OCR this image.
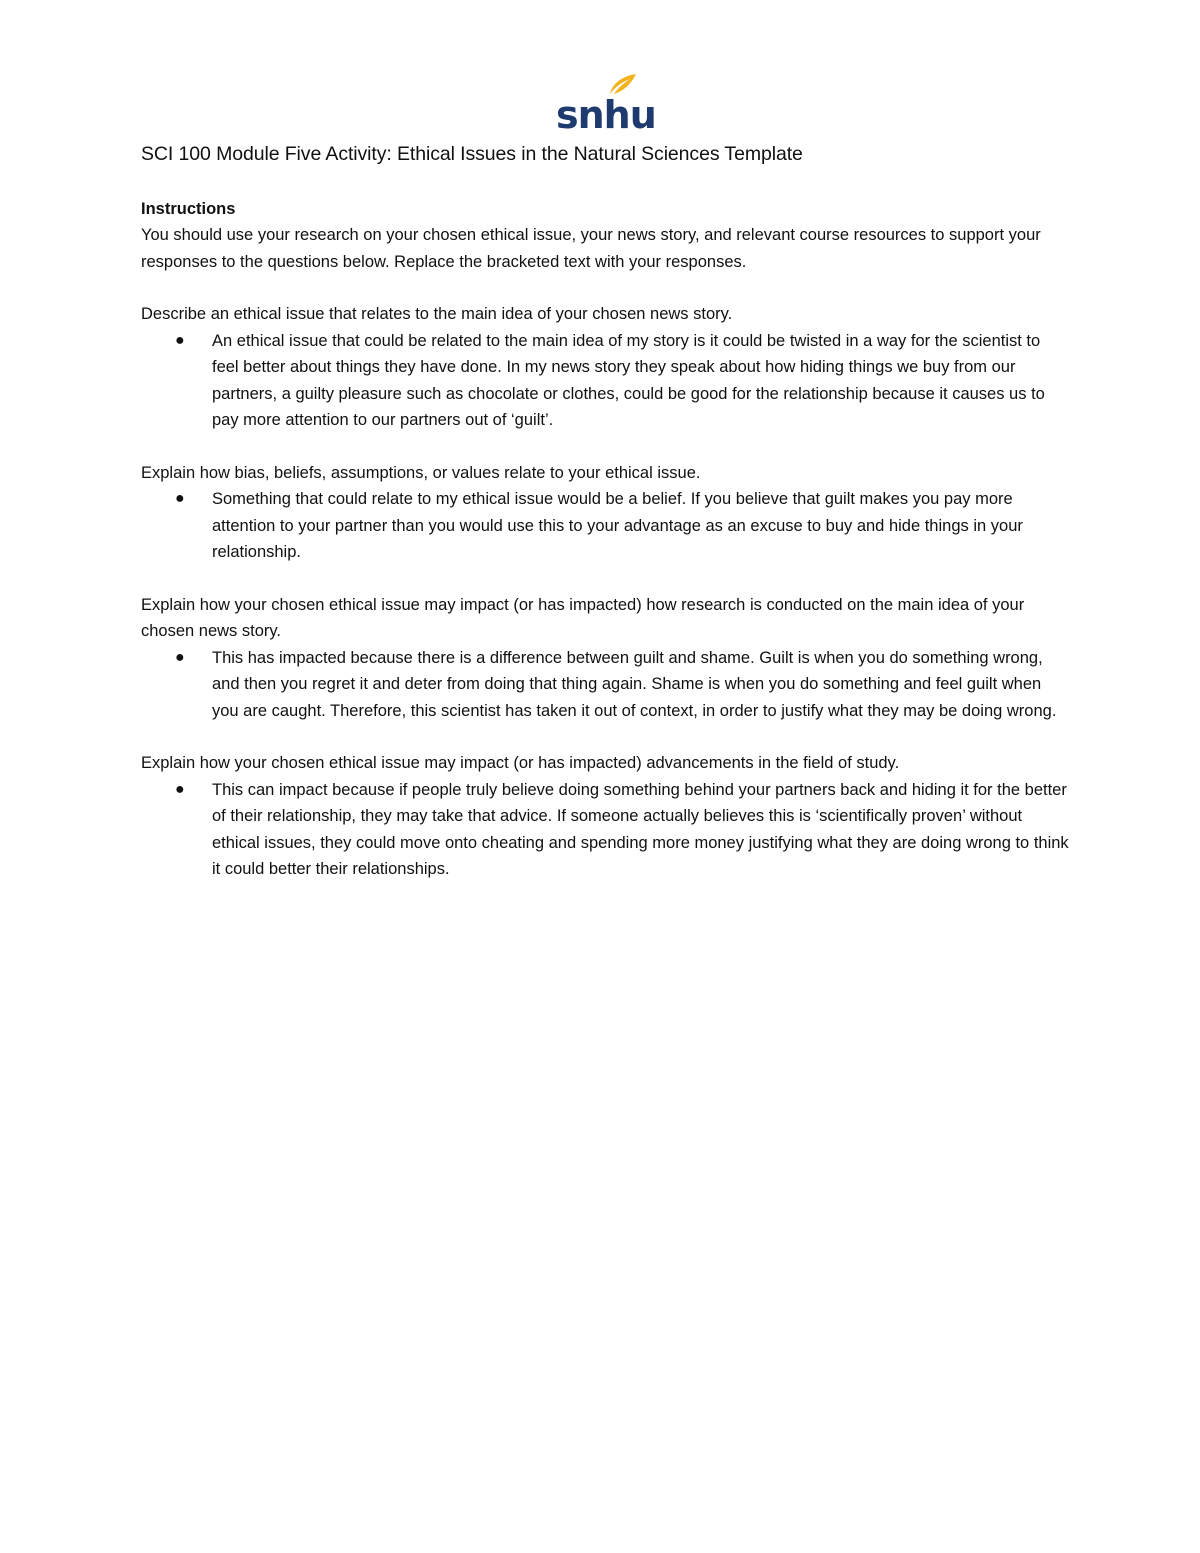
snhu
SCI 100 Module Five Activity: Ethical Issues in the Natural Sciences Template
Instructions

You should use your research on your chosen ethical issue, your news story, and relevant course resources to support your responses to the questions below. Replace the bracketed text with your responses.

Describe an ethical issue that relates to the main idea of your chosen news story.

● An ethical issue that could be related to the main idea of my story is it could be twisted in a way for the scientist to feel better about things they have done. In my news story they speak about how hiding things we buy from our partners, a guilty pleasure such as chocolate or clothes, could be good for the relationship because it causes us to pay more attention to our partners out of ‘guilt’.

Explain how bias, beliefs, assumptions, or values relate to your ethical issue.

● Something that could relate to my ethical issue would be a belief. If you believe that guilt makes you pay more attention to your partner than you would use this to your advantage as an excuse to buy and hide things in your relationship.

Explain how your chosen ethical issue may impact (or has impacted) how research is conducted on the main idea of your chosen news story.

● This has impacted because there is a difference between guilt and shame. Guilt is when you do something wrong, and then you regret it and deter from doing that thing again. Shame is when you do something and feel guilt when you are caught. Therefore, this scientist has taken it out of context, in order to justify what they may be doing wrong.

Explain how your chosen ethical issue may impact (or has impacted) advancements in the field of study.

● This can impact because if people truly believe doing something behind your partners back and hiding it for the better of their relationship, they may take that advice. If someone actually believes this is ‘scientifically proven’ without ethical issues, they could move onto cheating and spending more money justifying what they are doing wrong to think it could better their relationships.
